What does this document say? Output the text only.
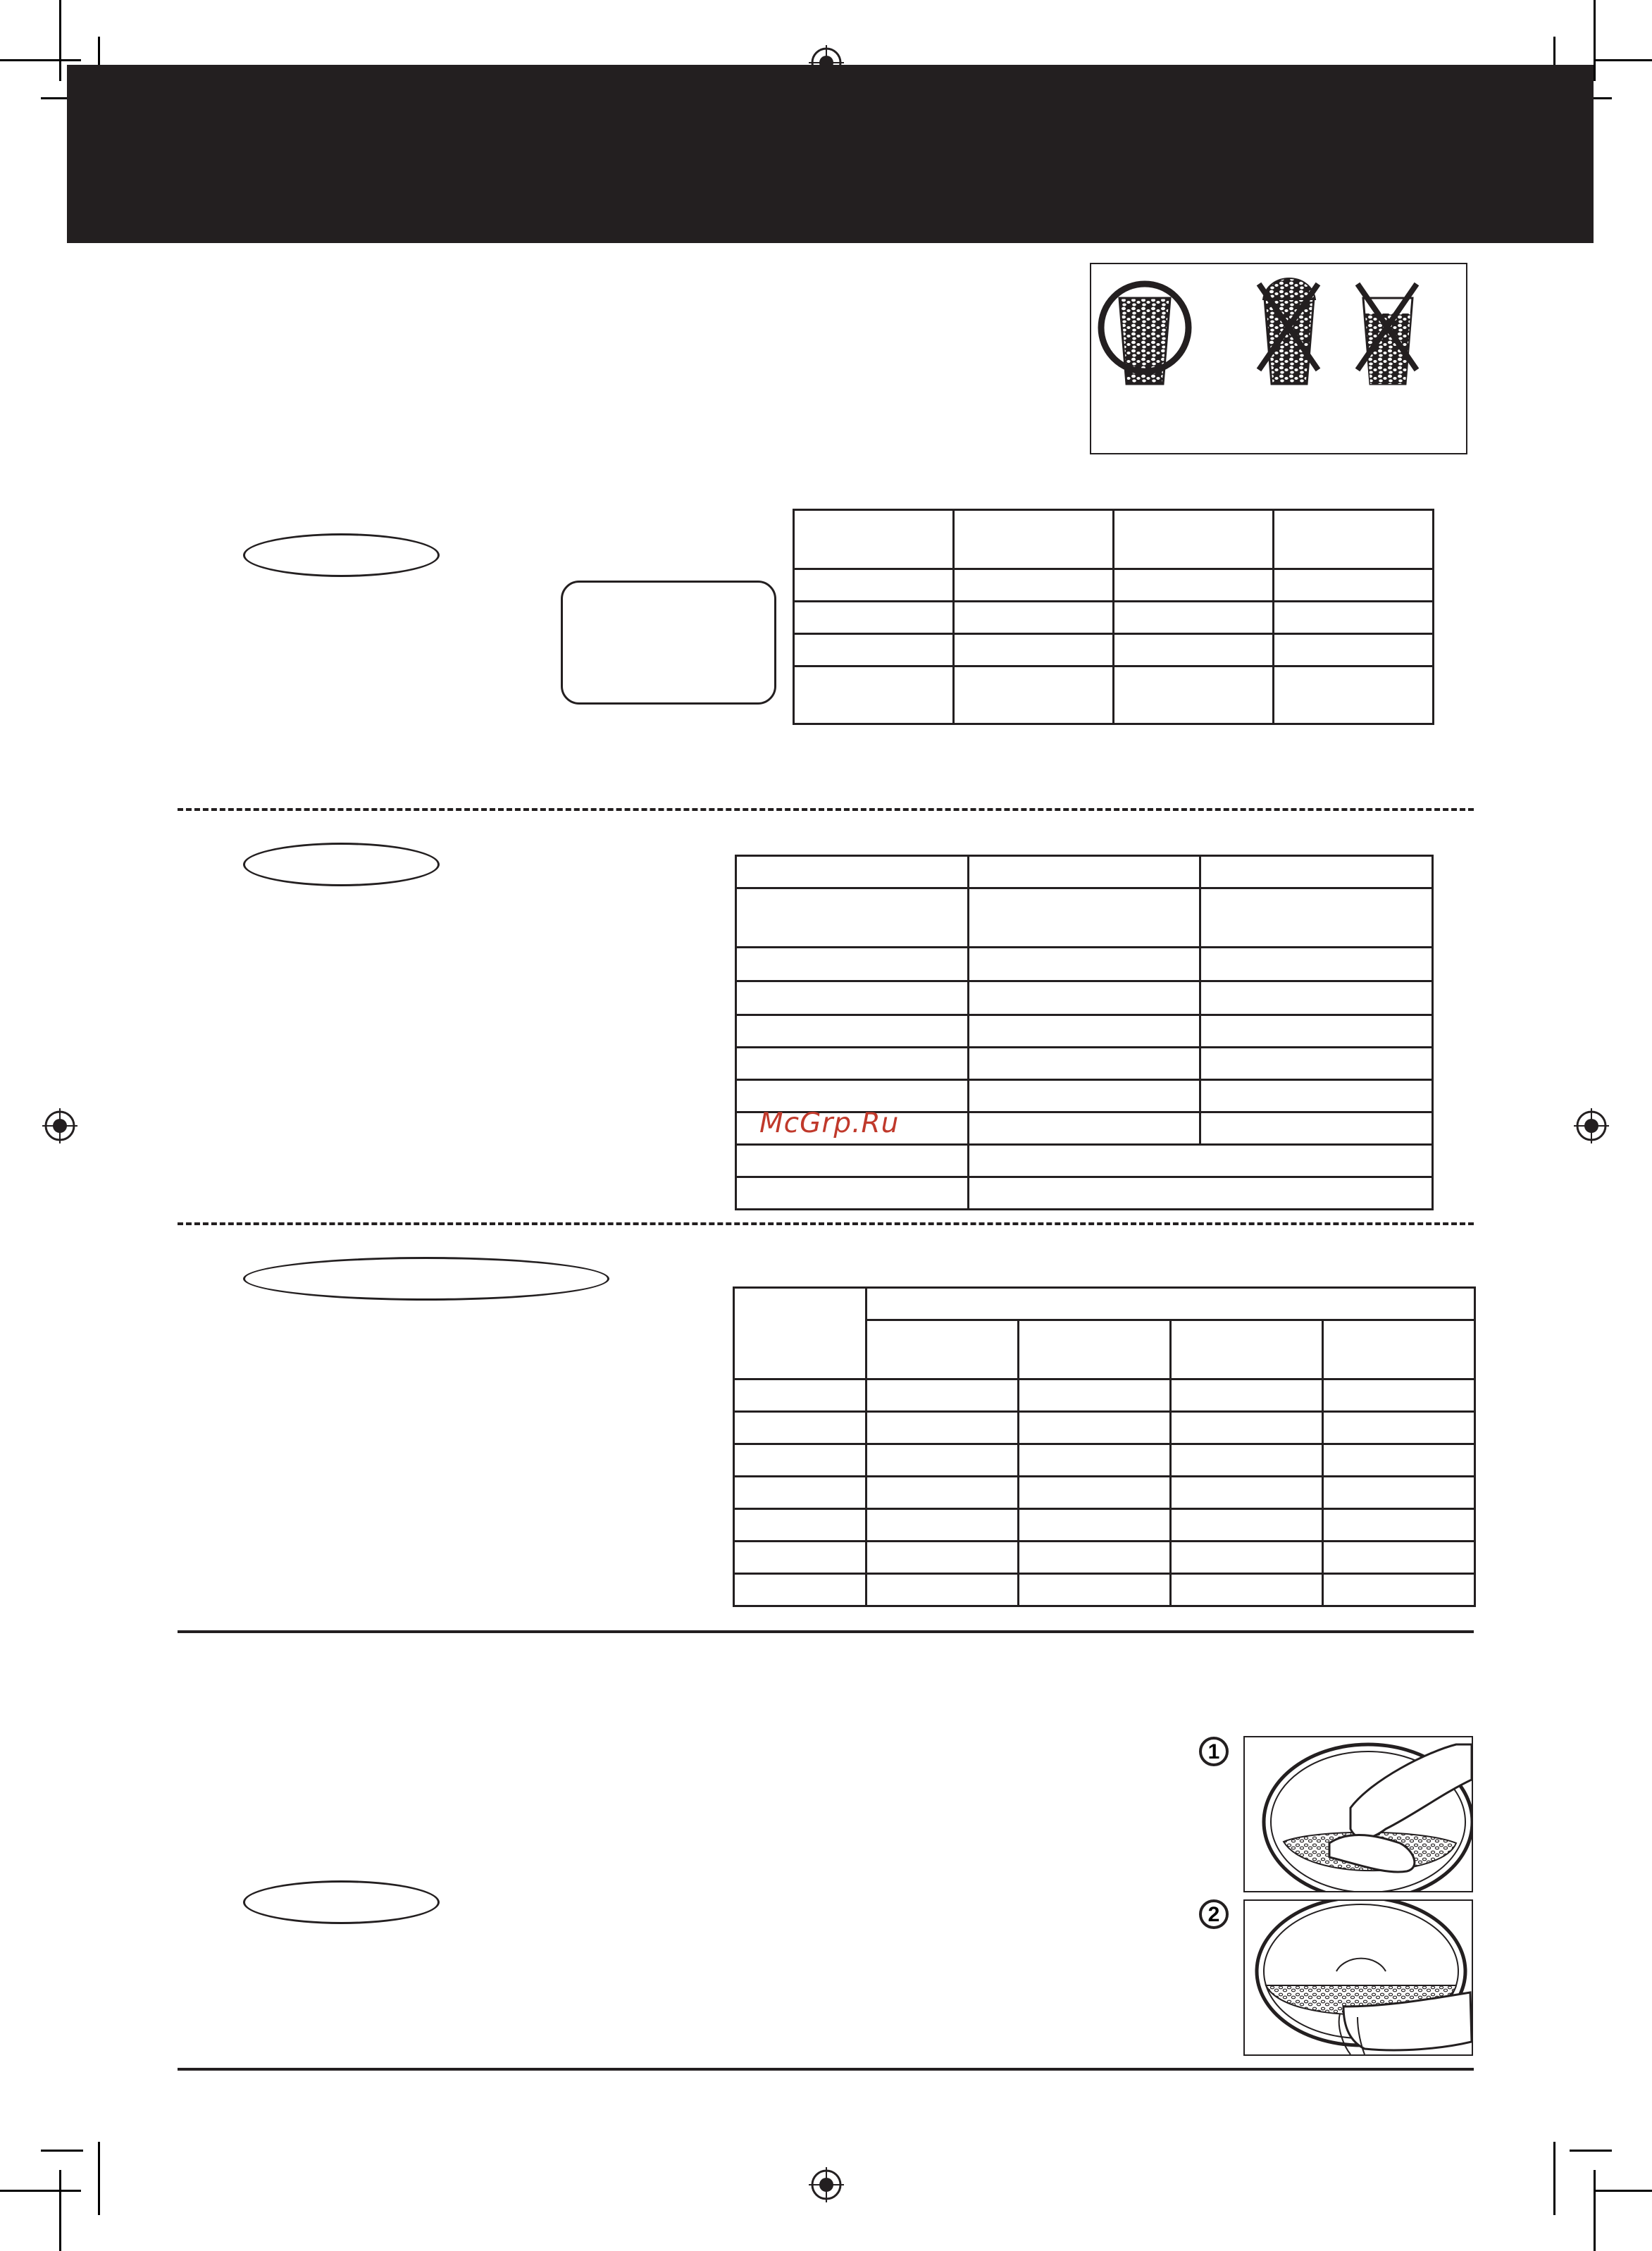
McGrp.Ru

1
2
